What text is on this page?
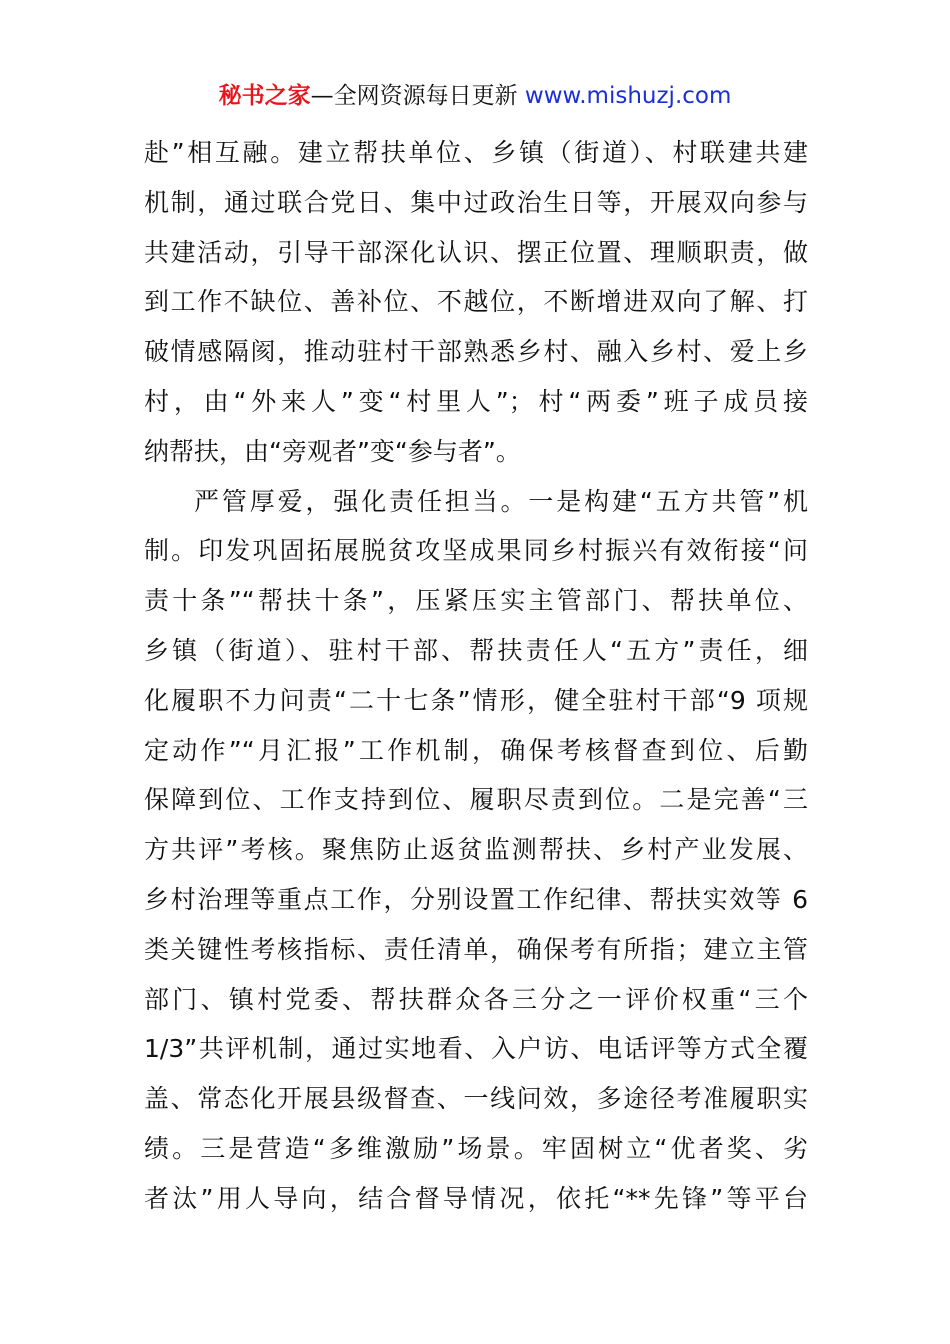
秘书之家—全网资源每日更新 www.mishuzj.com
赴”相互融。建立帮扶单位、乡镇（街道）、村联建共建
机制，通过联合党日、集中过政治生日等，开展双向参与
共建活动，引导干部深化认识、摆正位置、理顺职责，做
到工作不缺位、善补位、不越位，不断增进双向了解、打
破情感隔阂，推动驻村干部熟悉乡村、融入乡村、爱上乡
村，由“外来人”变“村里人”；村“两委”班子成员接
纳帮扶，由“旁观者”变“参与者”。
严管厚爱，强化责任担当。一是构建“五方共管”机
制。印发巩固拓展脱贫攻坚成果同乡村振兴有效衔接“问
责十条”“帮扶十条”，压紧压实主管部门、帮扶单位、
乡镇（街道）、驻村干部、帮扶责任人“五方”责任，细
化履职不力问责“二十七条”情形，健全驻村干部“9 项规
定动作”“月汇报”工作机制，确保考核督查到位、后勤
保障到位、工作支持到位、履职尽责到位。二是完善“三
方共评”考核。聚焦防止返贫监测帮扶、乡村产业发展、
乡村治理等重点工作，分别设置工作纪律、帮扶实效等 6
类关键性考核指标、责任清单，确保考有所指；建立主管
部门、镇村党委、帮扶群众各三分之一评价权重“三个
1/3”共评机制，通过实地看、入户访、电话评等方式全覆
盖、常态化开展县级督查、一线问效，多途径考准履职实
绩。三是营造“多维激励”场景。牢固树立“优者奖、劣
者汰”用人导向，结合督导情况，依托“**先锋”等平台
